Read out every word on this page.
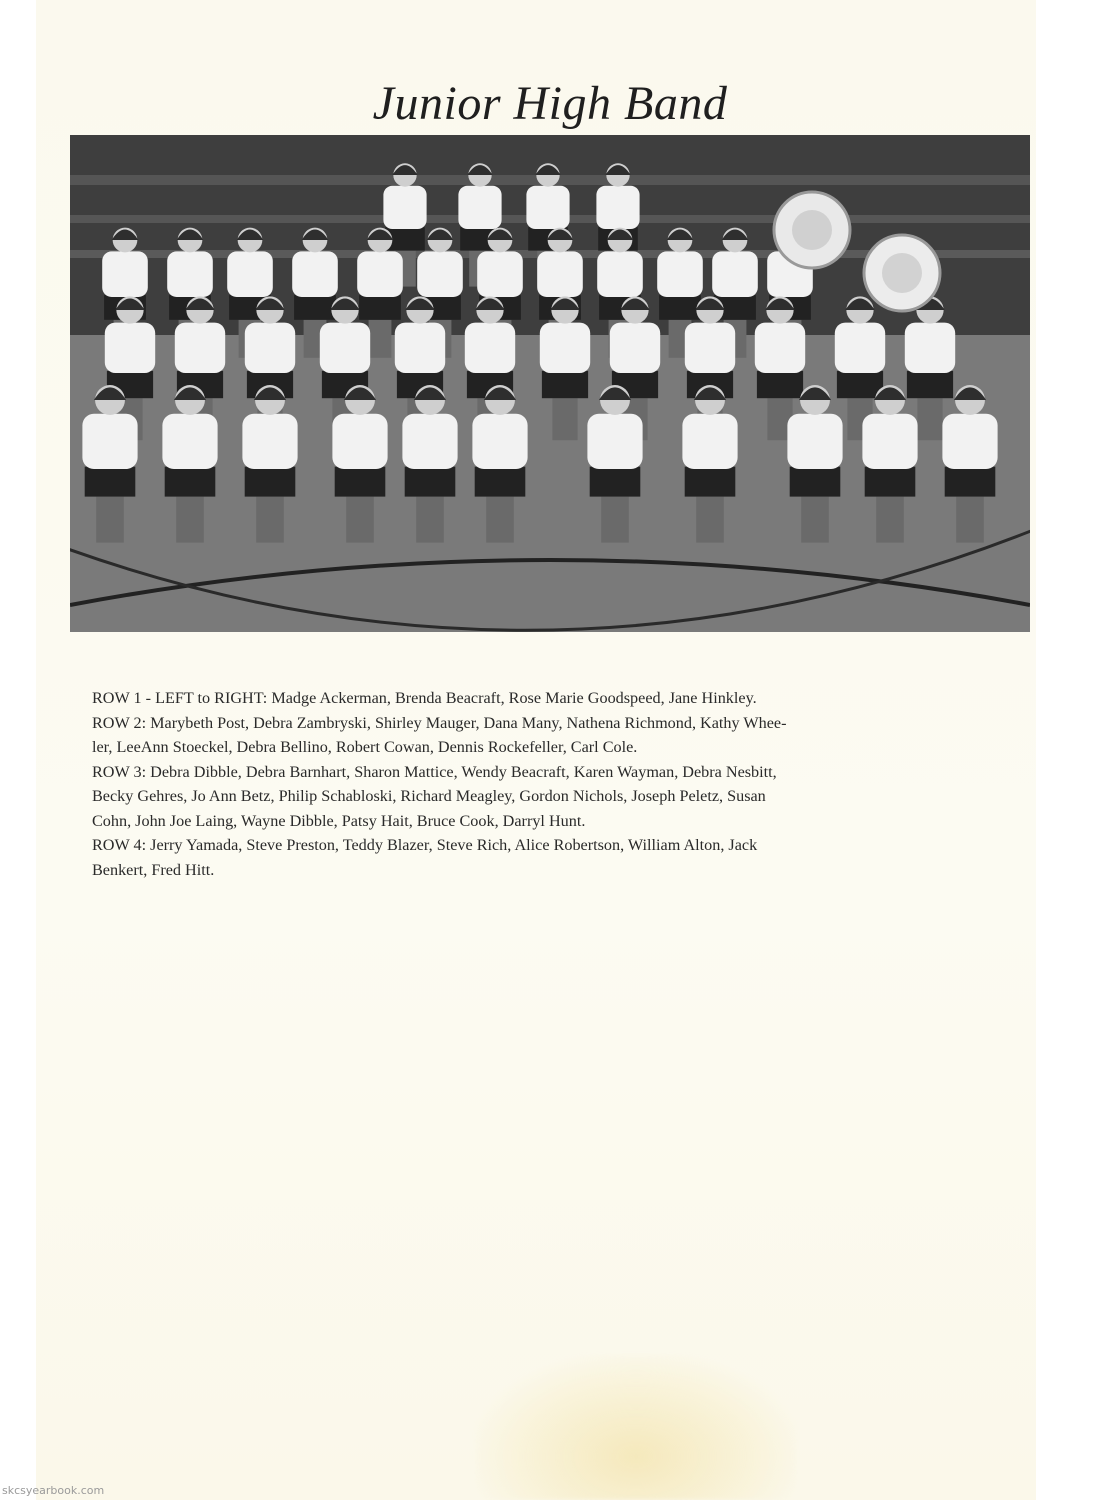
Junior High Band

ROW 1 - LEFT to RIGHT: Madge Ackerman, Brenda Beacraft, Rose Marie Goodspeed, Jane Hinkley.

ROW 2: Marybeth Post, Debra Zambryski, Shirley Mauger, Dana Many, Nathena Richmond, Kathy Whee-

ler, LeeAnn Stoeckel, Debra Bellino, Robert Cowan, Dennis Rockefeller, Carl Cole.

ROW 3: Debra Dibble, Debra Barnhart, Sharon Mattice, Wendy Beacraft, Karen Wayman, Debra Nesbitt,

Becky Gehres, Jo Ann Betz, Philip Schabloski, Richard Meagley, Gordon Nichols, Joseph Peletz, Susan

Cohn, John Joe Laing, Wayne Dibble, Patsy Hait, Bruce Cook, Darryl Hunt.

ROW 4: Jerry Yamada, Steve Preston, Teddy Blazer, Steve Rich, Alice Robertson, William Alton, Jack

Benkert, Fred Hitt.

skcsyearbook.com
